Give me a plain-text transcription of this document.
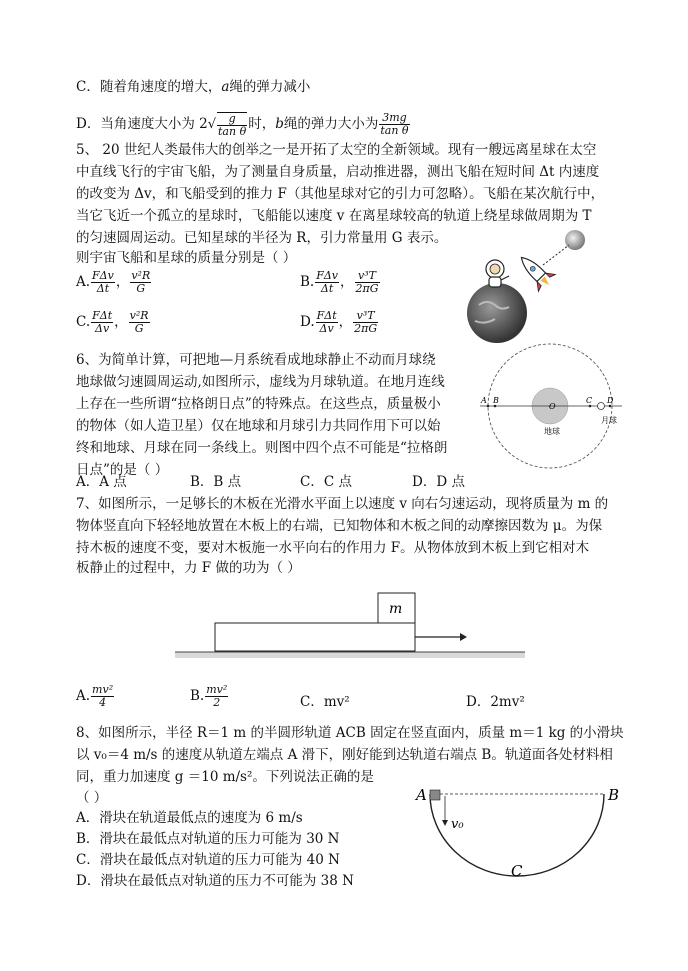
C．随着角速度的增大，a绳的弹力减小
D．当角速度大小为 $2√ \frac{g}{\text{tan θ}}$ 时，b绳的弹力大小为 $\frac{3mg}{\text{tan θ}}$
5、 20 世纪人类最伟大的创举之一是开拓了太空的全新领域。现有一艘远离星球在太空
中直线飞行的宇宙飞船，为了测量自身质量，启动推进器，测出飞船在短时间 Δt 内速度
的改变为 Δv，和飞船受到的推力 F（其他星球对它的引力可忽略）。飞船在某次航行中，
当它飞近一个孤立的星球时，飞船能以速度 v 在离星球较高的轨道上绕星球做周期为 T
的匀速圆周运动。已知星球的半径为 R，引力常量用 G 表示。
则宇宙飞船和星球的质量分别是（ ）
A. $\frac{\text{FΔv}}{\Delta t}$ ， $\frac{\text{v²R}}{G}$	B. $\frac{\text{FΔv}}{\Delta t}$ ， $\frac{\text{v³T}}{2\pi G}$
C. $\frac{\text{FΔt}}{\Delta v}$ ， $\frac{\text{v²R}}{G}$	D. $\frac{\text{FΔt}}{\Delta v}$ ， $\frac{\text{v³T}}{2\pi G}$
6、为简单计算，可把地—月系统看成地球静止不动而月球绕
地球做匀速圆周运动,如图所示，虚线为月球轨道。在地月连线
上存在一些所谓“拉格朗日点”的特殊点。在这些点，质量极小
的物体（如人造卫星）仅在地球和月球引力共同作用下可以始
终和地球、月球在同一条线上。则图中四个点不可能是“拉格朗
日点”的是（ ）
A．A 点	B．B 点	C．C 点	D．D 点
A B
O
C D
地球
月球
7、如图所示，一足够长的木板在光滑水平面上以速度 v 向右匀速运动，现将质量为 m 的
物体竖直向下轻轻地放置在木板上的右端，已知物体和木板之间的动摩擦因数为 μ。为保
持木板的速度不变，要对木板施一水平向右的作用力 F。从物体放到木板上到它相对木
板静止的过程中，力 F 做的功为（ ）
m
A. $\frac{\text{mv²}}{4}$	B. $\frac{\text{mv²}}{2}$	C．mv²	D．2mv²
8、如图所示，半径 R＝1 m 的半圆形轨道 ACB 固定在竖直面内，质量 m＝1 kg 的小滑块
以 v₀＝4 m/s 的速度从轨道左端点 A 滑下，刚好能到达轨道右端点 B。轨道面各处材料相
同，重力加速度 g ＝10 m/s²。下列说法正确的是
（ ）
A．滑块在轨道最低点的速度为 6 m/s
B．滑块在最低点对轨道的压力可能为 30 N
C．滑块在最低点对轨道的压力可能为 40 N
D．滑块在最低点对轨道的压力不可能为 38 N
A	B
C
v₀
